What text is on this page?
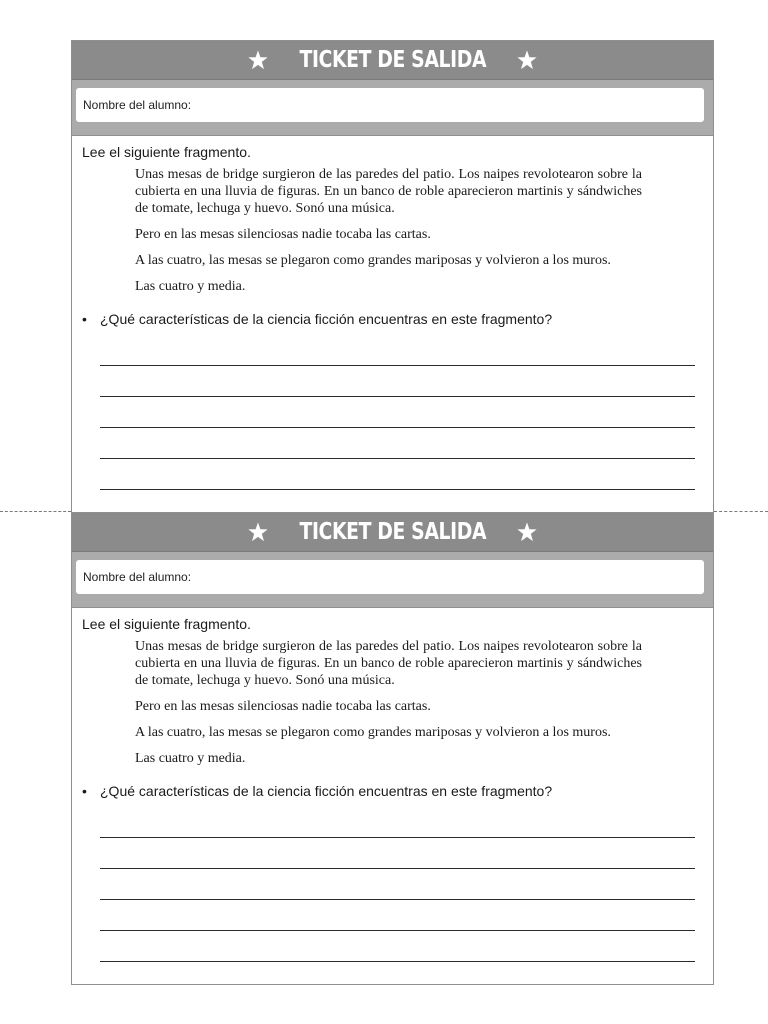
TICKET DE SALIDA
Nombre del alumno:

Lee el siguiente fragmento.

Unas mesas de bridge surgieron de las paredes del patio. Los naipes revolotearon sobre la cubierta en una lluvia de figuras. En un banco de roble aparecieron martinis y sándwiches de tomate, lechuga y huevo. Sonó una música.

Pero en las mesas silenciosas nadie tocaba las cartas.

A las cuatro, las mesas se plegaron como grandes mariposas y volvieron a los muros.

Las cuatro y media.

• ¿Qué características de la ciencia ficción encuentras en este fragmento?
TICKET DE SALIDA
Nombre del alumno:

Lee el siguiente fragmento.

Unas mesas de bridge surgieron de las paredes del patio. Los naipes revolotearon sobre la cubierta en una lluvia de figuras. En un banco de roble aparecieron martinis y sándwiches de tomate, lechuga y huevo. Sonó una música.

Pero en las mesas silenciosas nadie tocaba las cartas.

A las cuatro, las mesas se plegaron como grandes mariposas y volvieron a los muros.

Las cuatro y media.

• ¿Qué características de la ciencia ficción encuentras en este fragmento?
